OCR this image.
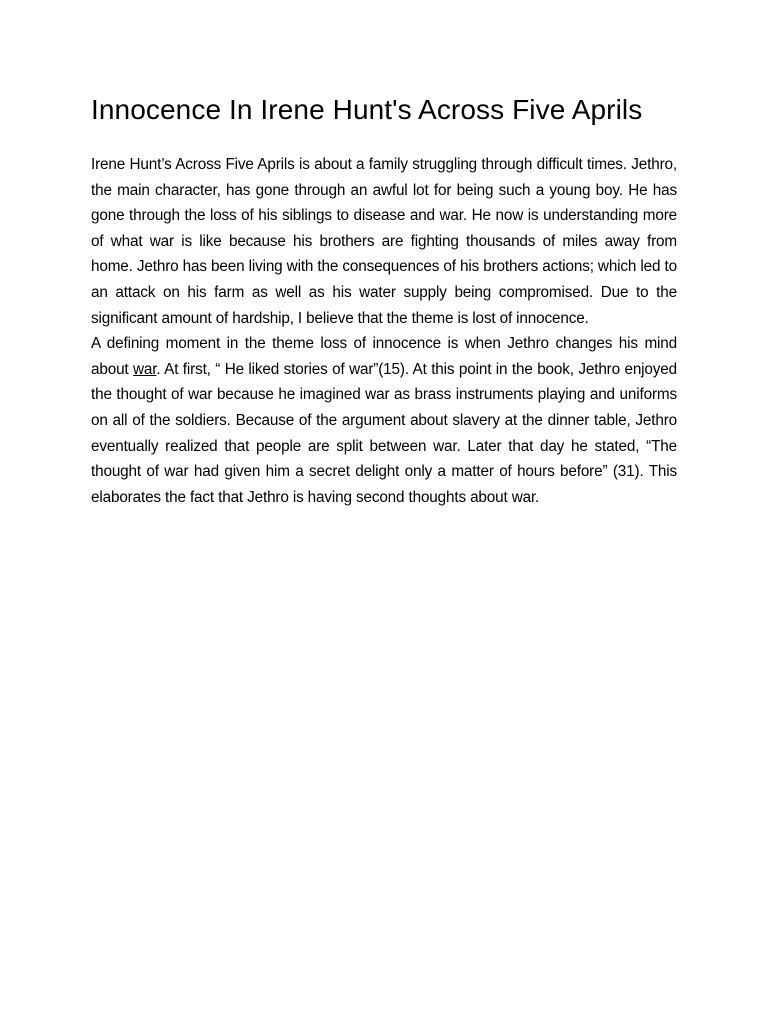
Innocence In Irene Hunt's Across Five Aprils

Irene Hunt’s Across Five Aprils is about a family struggling through difficult times. Jethro, the main character, has gone through an awful lot for being such a young boy. He has gone through the loss of his siblings to disease and war. He now is understanding more of what war is like because his brothers are fighting thousands of miles away from home. Jethro has been living with the consequences of his brothers actions; which led to an attack on his farm as well as his water supply being compromised. Due to the significant amount of hardship, I believe that the theme is lost of innocence.

A defining moment in the theme loss of innocence is when Jethro changes his mind about war. At first, “ He liked stories of war”(15). At this point in the book, Jethro enjoyed the thought of war because he imagined war as brass instruments playing and uniforms on all of the soldiers. Because of the argument about slavery at the dinner table, Jethro eventually realized that people are split between war. Later that day he stated, “The thought of war had given him a secret delight only a matter of hours before” (31). This elaborates the fact that Jethro is having second thoughts about war.
